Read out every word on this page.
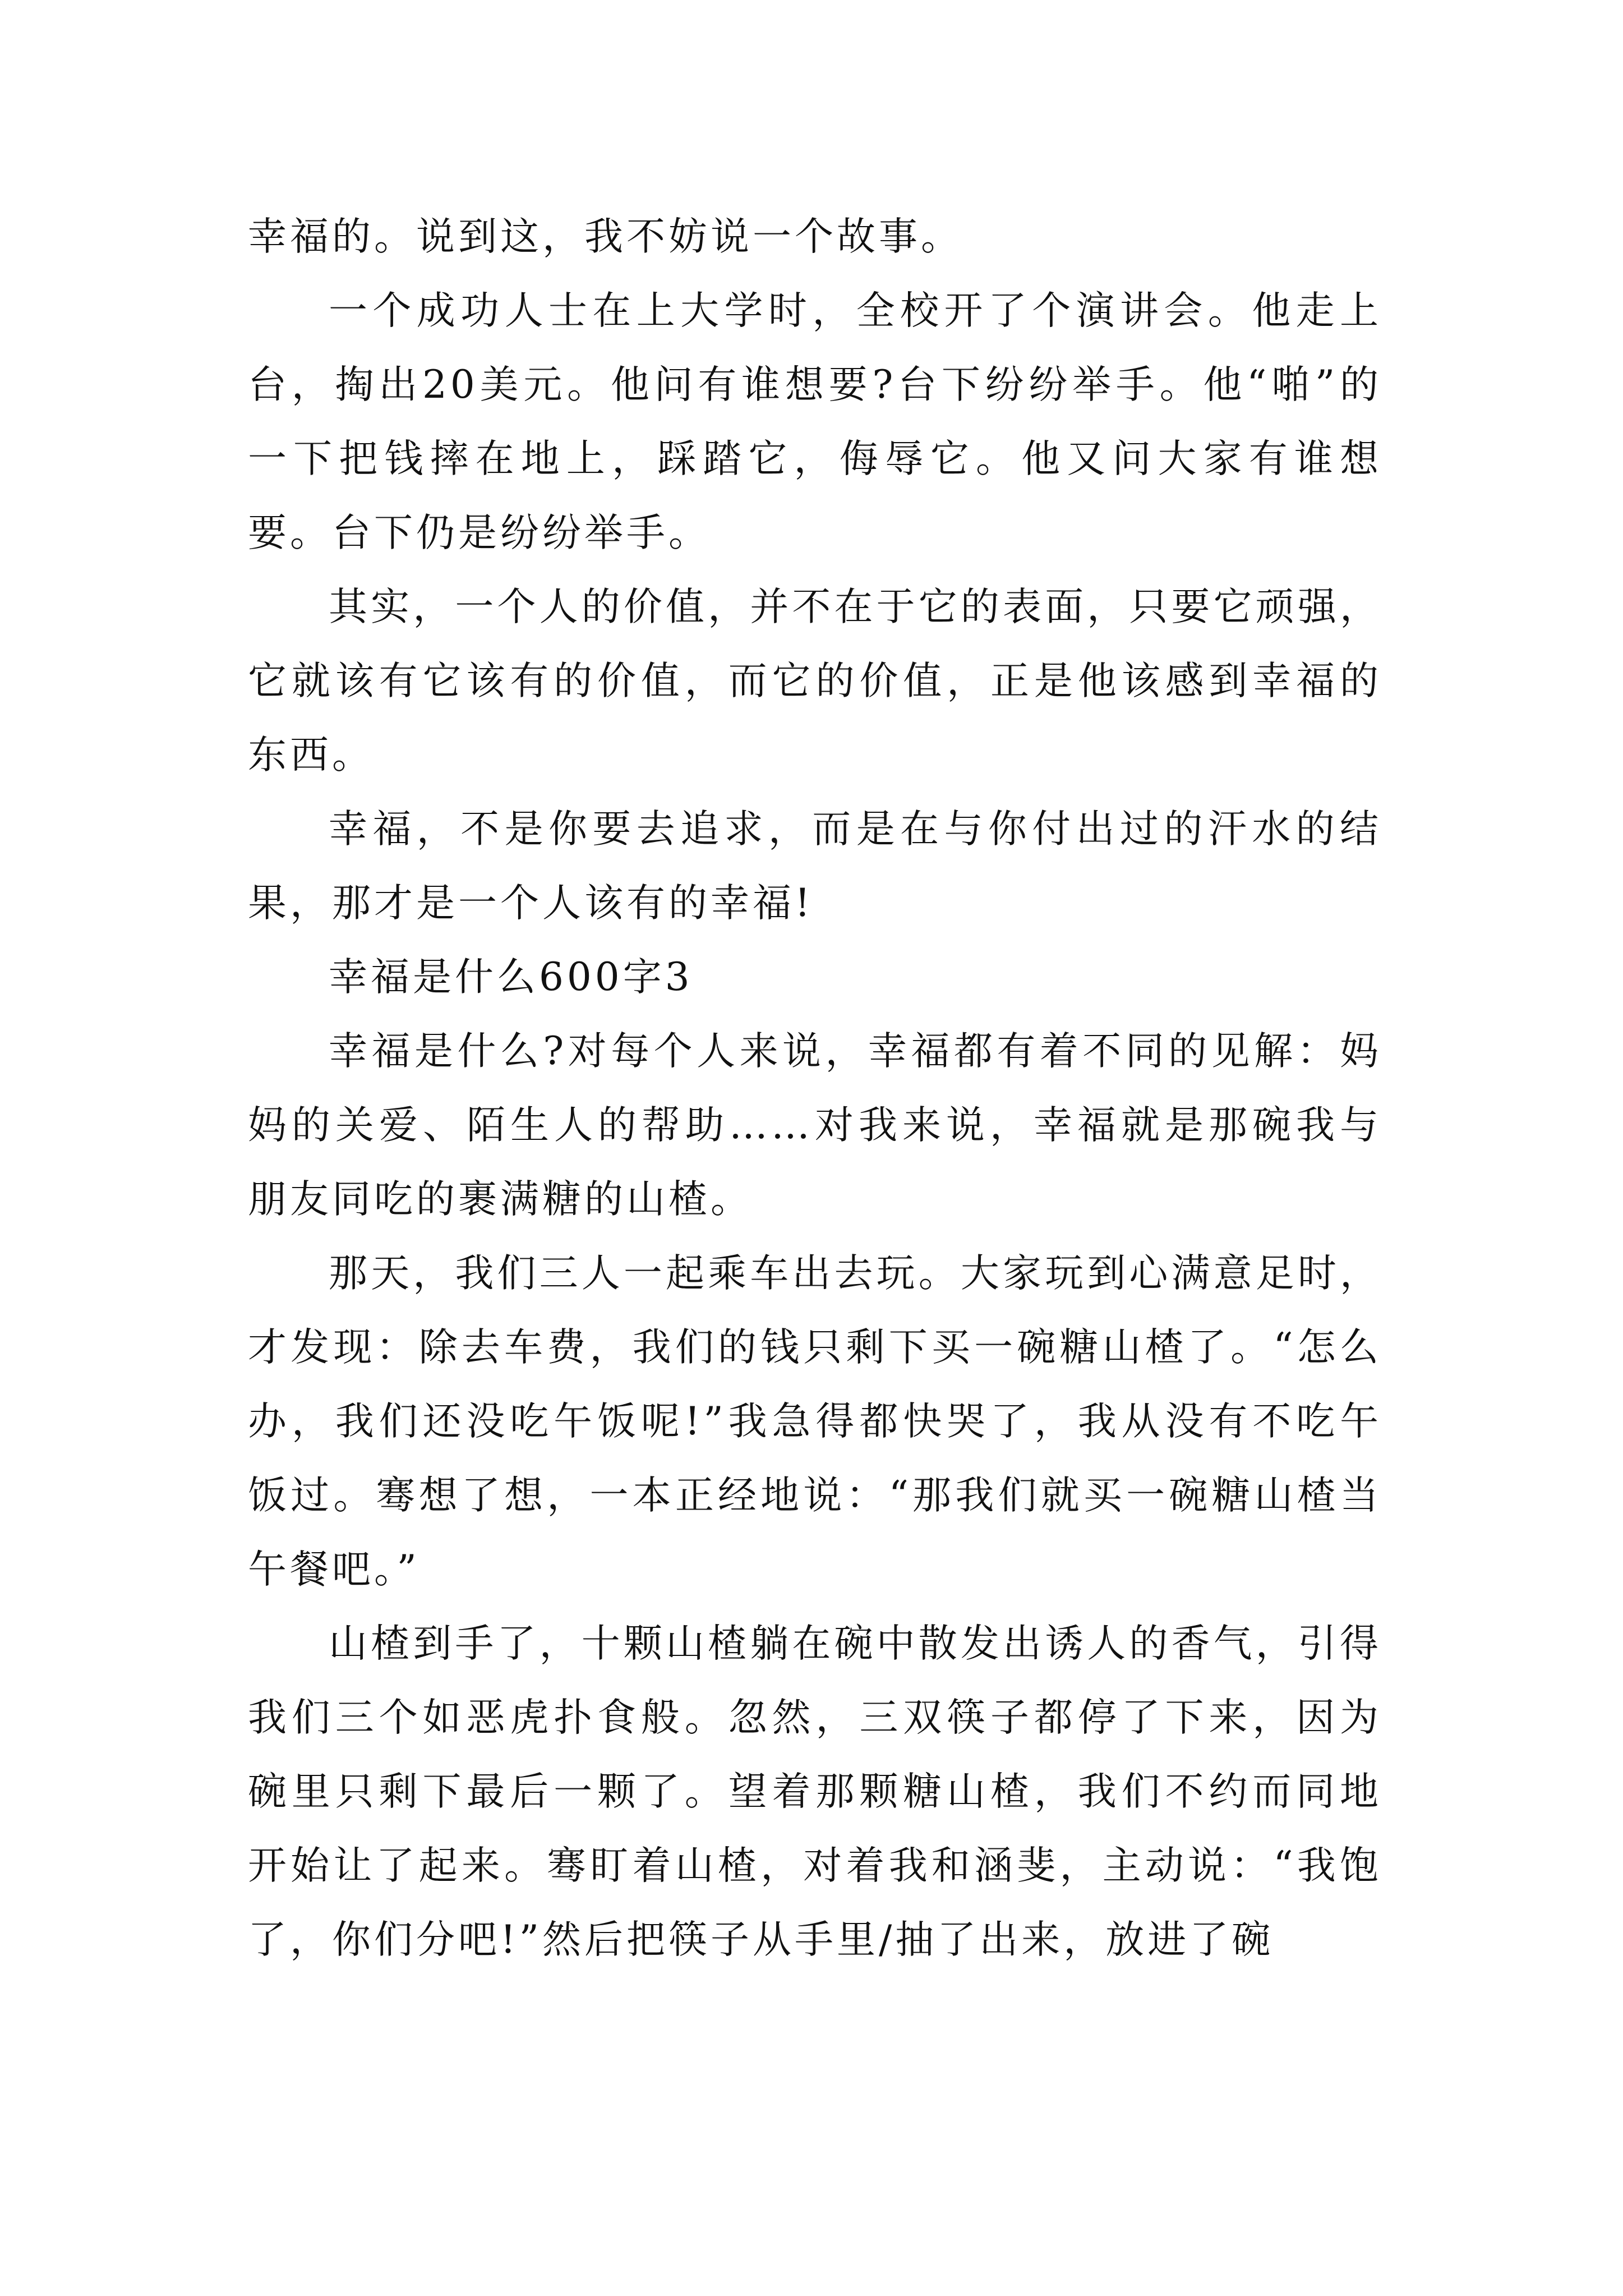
幸福的。说到这，我不妨说一个故事。

一个成功人士在上大学时，全校开了个演讲会。他走上台，掏出20美元。他问有谁想要?台下纷纷举手。他“啪”的一下把钱摔在地上，踩踏它，侮辱它。他又问大家有谁想要。台下仍是纷纷举手。

其实，一个人的价值，并不在于它的表面，只要它顽强，它就该有它该有的价值，而它的价值，正是他该感到幸福的东西。

幸福，不是你要去追求，而是在与你付出过的汗水的结果，那才是一个人该有的幸福!

幸福是什么600字3

幸福是什么?对每个人来说，幸福都有着不同的见解：妈妈的关爱、陌生人的帮助……对我来说，幸福就是那碗我与朋友同吃的裹满糖的山楂。

那天，我们三人一起乘车出去玩。大家玩到心满意足时，才发现：除去车费，我们的钱只剩下买一碗糖山楂了。“怎么办，我们还没吃午饭呢!”我急得都快哭了，我从没有不吃午饭过。骞想了想，一本正经地说：“那我们就买一碗糖山楂当午餐吧。”

山楂到手了，十颗山楂躺在碗中散发出诱人的香气，引得我们三个如恶虎扑食般。忽然，三双筷子都停了下来，因为碗里只剩下最后一颗了。望着那颗糖山楂，我们不约而同地开始让了起来。骞盯着山楂，对着我和涵斐，主动说：“我饱了，你们分吧!”然后把筷子从手里/抽了出来，放进了碗
